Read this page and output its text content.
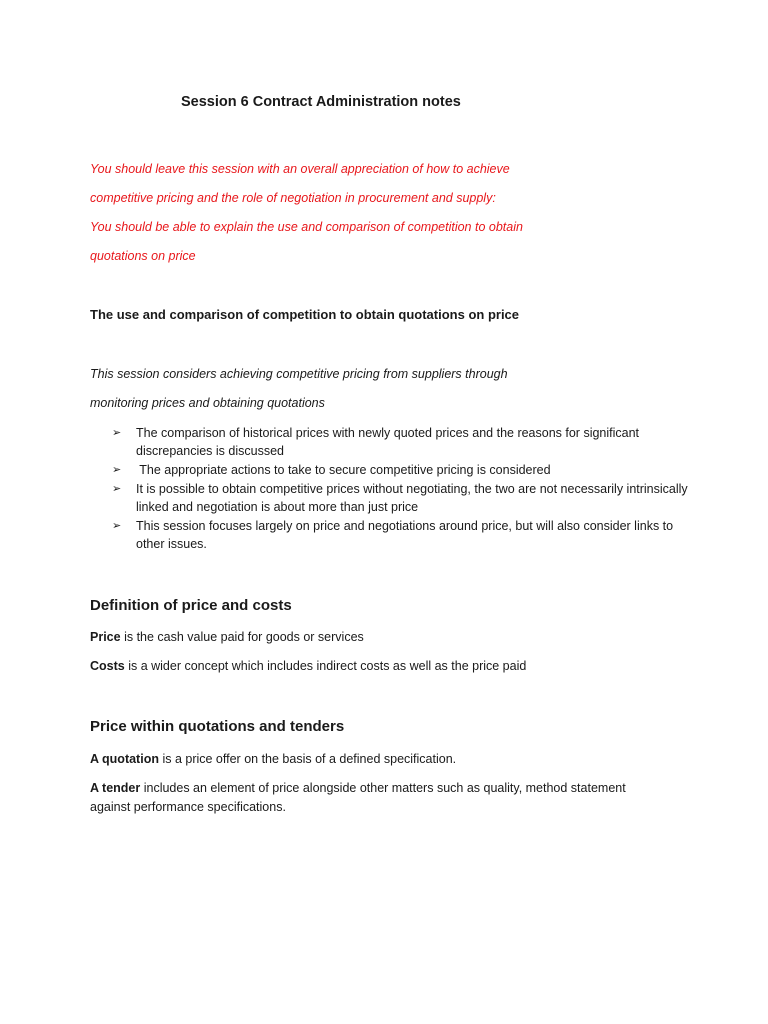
Session 6 Contract Administration notes
You should leave this session with an overall appreciation of how to achieve
competitive pricing and the role of negotiation in procurement and supply:
You should be able to explain the use and comparison of competition to obtain
quotations on price
The use and comparison of competition to obtain quotations on price
This session considers achieving competitive pricing from suppliers through
monitoring prices and obtaining quotations
➢ The comparison of historical prices with newly quoted prices and the reasons for significant discrepancies is discussed
➢ The appropriate actions to take to secure competitive pricing is considered
➢ It is possible to obtain competitive prices without negotiating, the two are not necessarily intrinsically linked and negotiation is about more than just price
➢ This session focuses largely on price and negotiations around price, but will also consider links to other issues.
Definition of price and costs
Price is the cash value paid for goods or services
Costs is a wider concept which includes indirect costs as well as the price paid
Price within quotations and tenders
A quotation is a price offer on the basis of a defined specification.
A tender includes an element of price alongside other matters such as quality, method statement against performance specifications.
